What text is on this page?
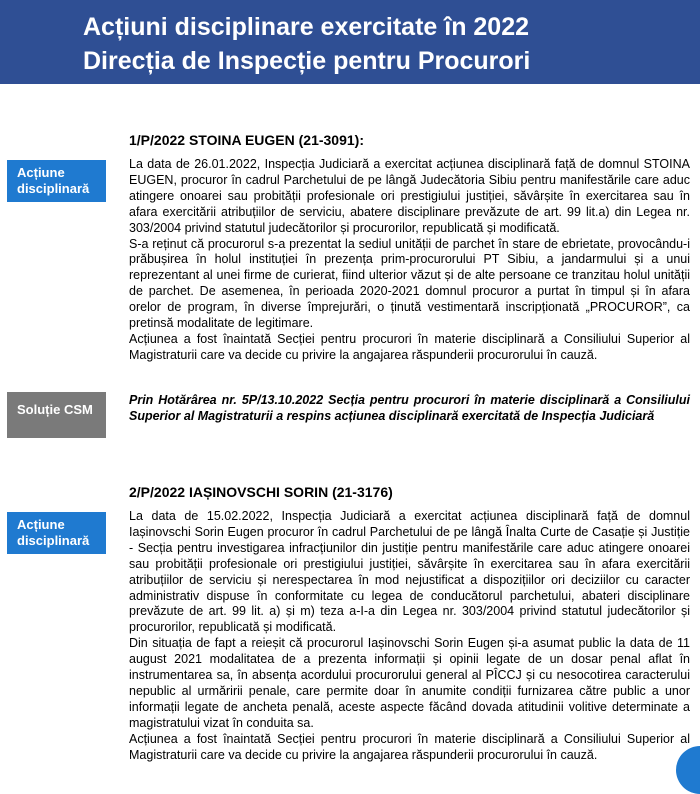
Acțiuni disciplinare exercitate în 2022
Direcția de Inspecție pentru Procurori
1/P/2022 STOINA EUGEN (21-3091):
Acțiune disciplinară

La data de 26.01.2022, Inspecția Judiciară a exercitat acțiunea disciplinară față de domnul STOINA EUGEN, procuror în cadrul Parchetului de pe lângă Judecătoria Sibiu pentru manifestările care aduc atingere onoarei sau probității profesionale ori prestigiului justiției, săvârșite în exercitarea sau în afara exercitării atribuțiilor de serviciu, abatere disciplinare prevăzute de art. 99 lit.a) din Legea nr. 303/2004 privind statutul judecătorilor și procurorilor, republicată și modificată.

S-a reținut că procurorul s-a prezentat la sediul unității de parchet în stare de ebrietate, provocându-i prăbușirea în holul instituției în prezența prim-procurorului PT Sibiu, a jandarmului și a unui reprezentant al unei firme de curierat, fiind ulterior văzut și de alte persoane ce tranzitau holul unității de parchet. De asemenea, în perioada 2020-2021 domnul procuror a purtat în timpul și în afara orelor de program, în diverse împrejurări, o ținută vestimentară inscripționată „PROCUROR”, ca pretinsă modalitate de legitimare.

Acțiunea a fost înaintată Secției pentru procurori în materie disciplinară a Consiliului Superior al Magistraturii care va decide cu privire la angajarea răspunderii procurorului în cauză.

Soluție CSM
Prin Hotărârea nr. 5P/13.10.2022 Secția pentru procurori în materie disciplinară a Consiliului Superior al Magistraturii a respins acțiunea disciplinară exercitată de Inspecția Judiciară
2/P/2022 IAȘINOVSCHI SORIN (21-3176)
Acțiune disciplinară

La data de 15.02.2022, Inspecția Judiciară a exercitat acțiunea disciplinară față de domnul Iașinovschi Sorin Eugen procuror în cadrul Parchetului de pe lângă Înalta Curte de Casație și Justiție - Secția pentru investigarea infracțiunilor din justiție pentru manifestările care aduc atingere onoarei sau probității profesionale ori prestigiului justiției, săvârșite în exercitarea sau în afara exercitării atribuțiilor de serviciu și nerespectarea în mod nejustificat a dispozițiilor ori deciziilor cu caracter administrativ dispuse în conformitate cu legea de conducătorul parchetului, abateri disciplinare prevăzute de art. 99 lit. a) și m) teza a-I-a din Legea nr. 303/2004 privind statutul judecătorilor și procurorilor, republicată și modificată.

Din situația de fapt a reieșit că procurorul Iașinovschi Sorin Eugen și-a asumat public la data de 11 august 2021 modalitatea de a prezenta informații și opinii legate de un dosar penal aflat în instrumentarea sa, în absența acordului procurorului general al PÎCCJ și cu nesocotirea caracterului nepublic al urmăririi penale, care permite doar în anumite condiții furnizarea către public a unor informații legate de ancheta penală, aceste aspecte făcând dovada atitudinii volitive determinate a magistratului vizat în conduita sa.

Acțiunea a fost înaintată Secției pentru procurori în materie disciplinară a Consiliului Superior al Magistraturii care va decide cu privire la angajarea răspunderii procurorului în cauză.
